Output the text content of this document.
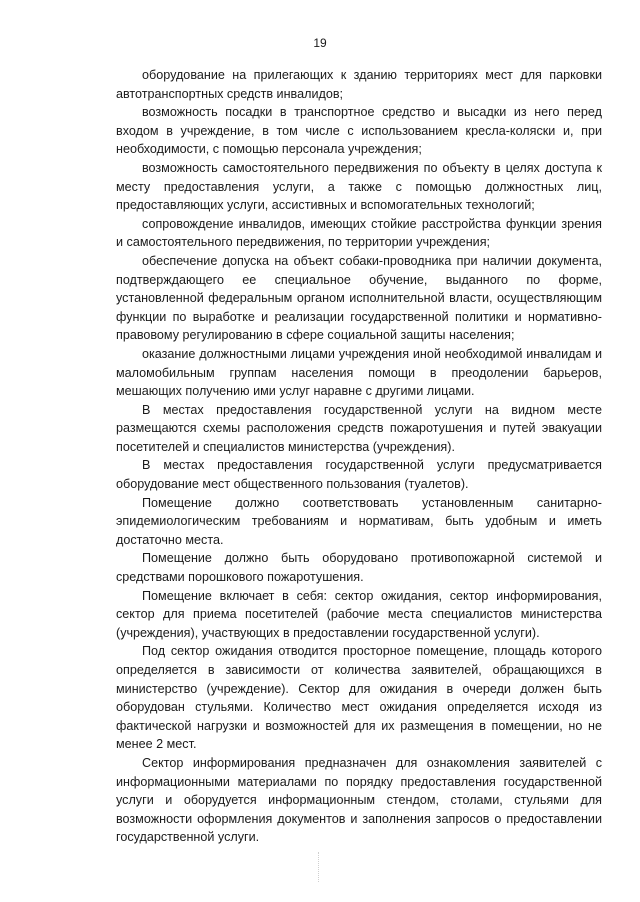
19

оборудование на прилегающих к зданию территориях мест для парковки автотранспортных средств инвалидов;

возможность посадки в транспортное средство и высадки из него перед входом в учреждение, в том числе с использованием кресла-коляски и, при необходимости, с помощью персонала учреждения;

возможность самостоятельного передвижения по объекту в целях доступа к месту предоставления услуги, а также с помощью должностных лиц, предоставляющих услуги, ассистивных и вспомогательных технологий;

сопровождение инвалидов, имеющих стойкие расстройства функции зрения и самостоятельного передвижения, по территории учреждения;

обеспечение допуска на объект собаки-проводника при наличии документа, подтверждающего ее специальное обучение, выданного по форме, установленной федеральным органом исполнительной власти, осуществляющим функции по выработке и реализации государственной политики и нормативно-правовому регулированию в сфере социальной защиты населения;

оказание должностными лицами учреждения иной необходимой инвалидам и маломобильным группам населения помощи в преодолении барьеров, мешающих получению ими услуг наравне с другими лицами.

В местах предоставления государственной услуги на видном месте размещаются схемы расположения средств пожаротушения и путей эвакуации посетителей и специалистов министерства (учреждения).

В местах предоставления государственной услуги предусматривается оборудование мест общественного пользования (туалетов).

Помещение должно соответствовать установленным санитарно-эпидемиологическим требованиям и нормативам, быть удобным и иметь достаточно места.

Помещение должно быть оборудовано противопожарной системой и средствами порошкового пожаротушения.

Помещение включает в себя: сектор ожидания, сектор информирования, сектор для приема посетителей (рабочие места специалистов министерства (учреждения), участвующих в предоставлении государственной услуги).

Под сектор ожидания отводится просторное помещение, площадь которого определяется в зависимости от количества заявителей, обращающихся в министерство (учреждение). Сектор для ожидания в очереди должен быть оборудован стульями. Количество мест ожидания определяется исходя из фактической нагрузки и возможностей для их размещения в помещении, но не менее 2 мест.

Сектор информирования предназначен для ознакомления заявителей с информационными материалами по порядку предоставления государственной услуги и оборудуется информационным стендом, столами, стульями для возможности оформления документов и заполнения запросов о предоставлении государственной услуги.
